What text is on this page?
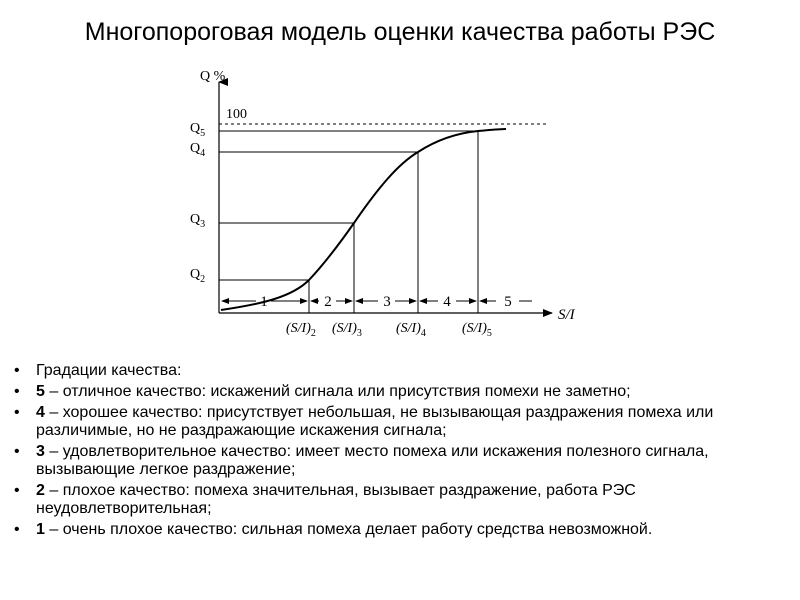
Многопороговая модель оценки качества работы РЭС
1	2	3	4	5
Q %
S/I
100
$Q_5$
$Q_4$
$Q_3$
$Q_2$
$(S/I)_2$ $(S/I)_3$ $(S/I)_4$	$(S/I)_5$
• Градации качества:
• 5 – отличное качество: искажений сигнала или присутствия помехи не заметно;
• 4 – хорошее качество: присутствует небольшая, не вызывающая раздражения помеха или различимые, но не раздражающие искажения сигнала;
• 3 – удовлетворительное качество: имеет место помеха или искажения полезного сигнала, вызывающие легкое раздражение;
• 2 – плохое качество: помеха значительная, вызывает раздражение, работа РЭС неудовлетворительная;
• 1 – очень плохое качество: сильная помеха делает работу средства невозможной.
